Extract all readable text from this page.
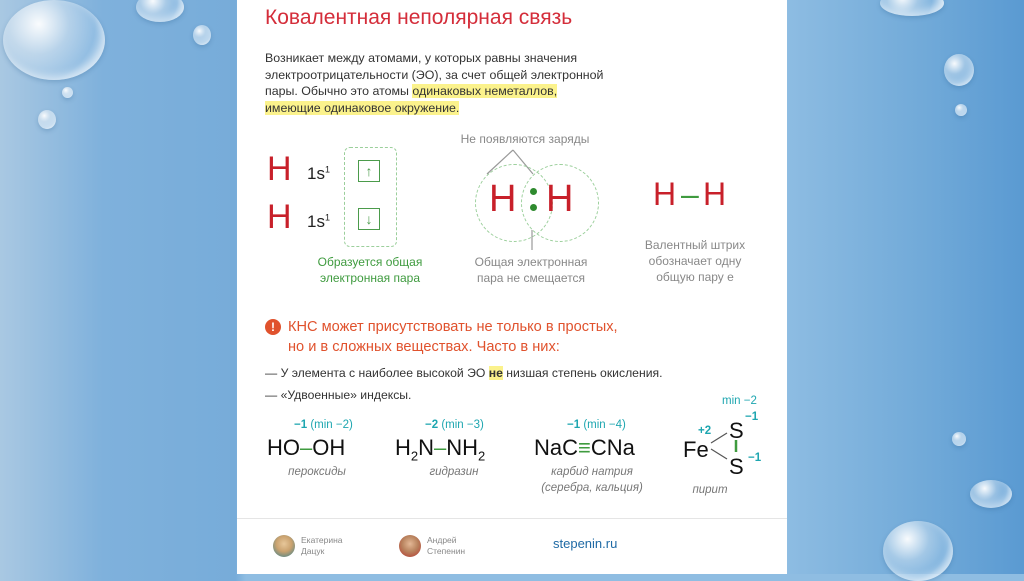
Ковалентная неполярная связь
Возникает между атомами, у которых равны значения электроотрицательности (ЭО), за счет общей электронной пары. Обычно это атомы одинаковых неметаллов,
имеющие одинаковое окружение.
H $1s^1$
H $1s^1$
↑
↓
Образуется общая
электронная пара
Не появляются заряды
H H
Общая электронная
пара не смещается
H – H
Валентный штрих
обозначает одну
общую пару е
! КНС может присутствовать не только в простых,
но и в сложных веществах. Часто в них:
— У элемента с наиболее высокой ЭО не низшая степень окисления.
— «Удвоенные» индексы.
−1 (min −2)
HO–OH
пероксиды
−2 (min −3)
$H_2N-NH_2$
гидразин
−1 (min −4)
NaC≡CNa
карбид натрия
(серебра, кальция)
min −2
+2
−1
−1
Fe
S
S
пирит
Екатерина
Дацук
Андрей
Степенин	stepenin.ru
